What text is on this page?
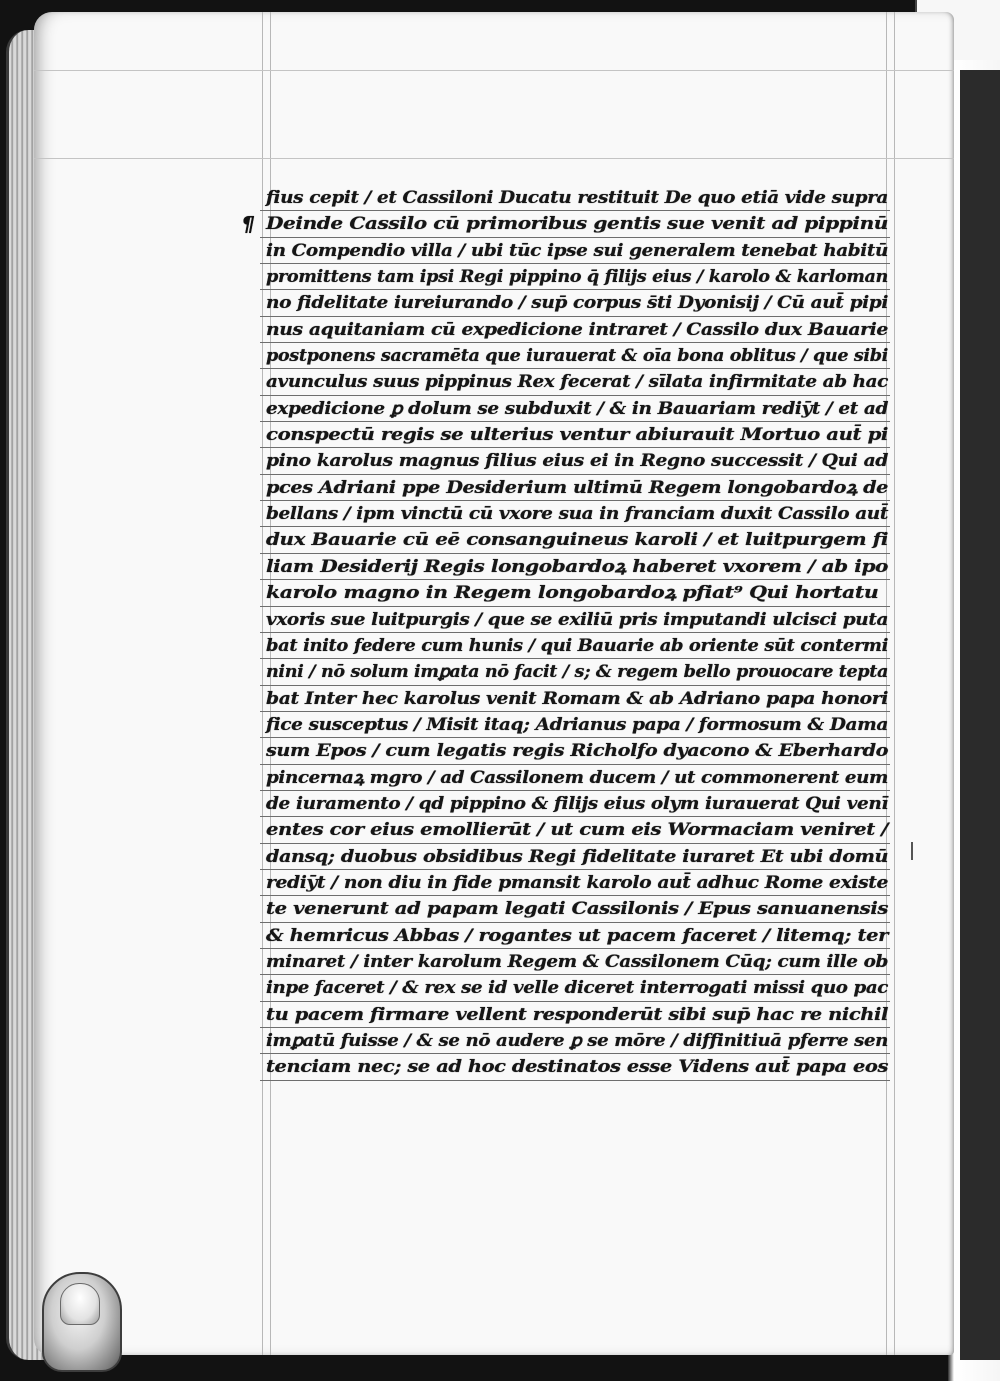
fius cepit / et Cassiloni Ducatu restituit De quo etiā vide supra
¶ Deinde Cassilo cū primoribus gentis sue venit ad pippinū
in Compendio villa / ubi tūc ipse sui generalem tenebat habitū
promittens tam ipsi Regi pippino q̄ filijs eius / karolo & karloman
no fidelitate iureiurando / sup̄ corpus s̄ti Dyonisij / Cū aut̄ pipi
nus aquitaniam cū expedicione intraret / Cassilo dux Bauarie
postponens sacramēta que iurauerat & oīa bona oblitus / que sibi
avunculus suus pippinus Rex fecerat / sīlata infirmitate ab hac
expedicione ꝑ dolum se subduxit / & in Bauariam rediȳt / et ad
conspectū regis se ulterius ventur abiurauit Mortuo aut̄ pi
pino karolus magnus filius eius ei in Regno successit / Qui ad
pces Adriani ppe Desiderium ultimū Regem longobardoꝝ de
bellans / ipm vinctū cū vxore sua in franciam duxit Cassilo aut̄
dux Bauarie cū eē consanguineus karoli / et luitpurgem fi
liam Desiderij Regis longobardoꝝ haberet vxorem / ab ipo
karolo magno in Regem longobardoꝝ pfiat⁹ Qui hortatu
vxoris sue luitpurgis / que se exiliū pris imputandi ulcisci puta
bat inito federe cum hunis / qui Bauarie ab oriente sūt contermi
nini / nō solum imꝑata nō facit / s; & regem bello prouocare tepta
bat Inter hec karolus venit Romam & ab Adriano papa honori
fice susceptus / Misit itaq; Adrianus papa / formosum & Dama
sum Epos / cum legatis regis Richolfo dyacono & Eberhardo
pincernaꝝ mgro / ad Cassilonem ducem / ut commonerent eum
de iuramento / qd pippino & filijs eius olym iurauerat Qui venī
entes cor eius emollierūt / ut cum eis Wormaciam veniret /
dansq; duobus obsidibus Regi fidelitate iuraret Et ubi domū
rediȳt / non diu in fide pmansit karolo aut̄ adhuc Rome existe
te venerunt ad papam legati Cassilonis / Epus sanuanensis
& hemricus Abbas / rogantes ut pacem faceret / litemq; ter
minaret / inter karolum Regem & Cassilonem Cūq; cum ille ob
inpe faceret / & rex se id velle diceret interrogati missi quo pac
tu pacem firmare vellent responderūt sibi sup̄ hac re nichil
imꝑatū fuisse / & se nō audere ꝑ se mōre / diffinitiuā pferre sen
tenciam nec; se ad hoc destinatos esse Videns aut̄ papa eos
